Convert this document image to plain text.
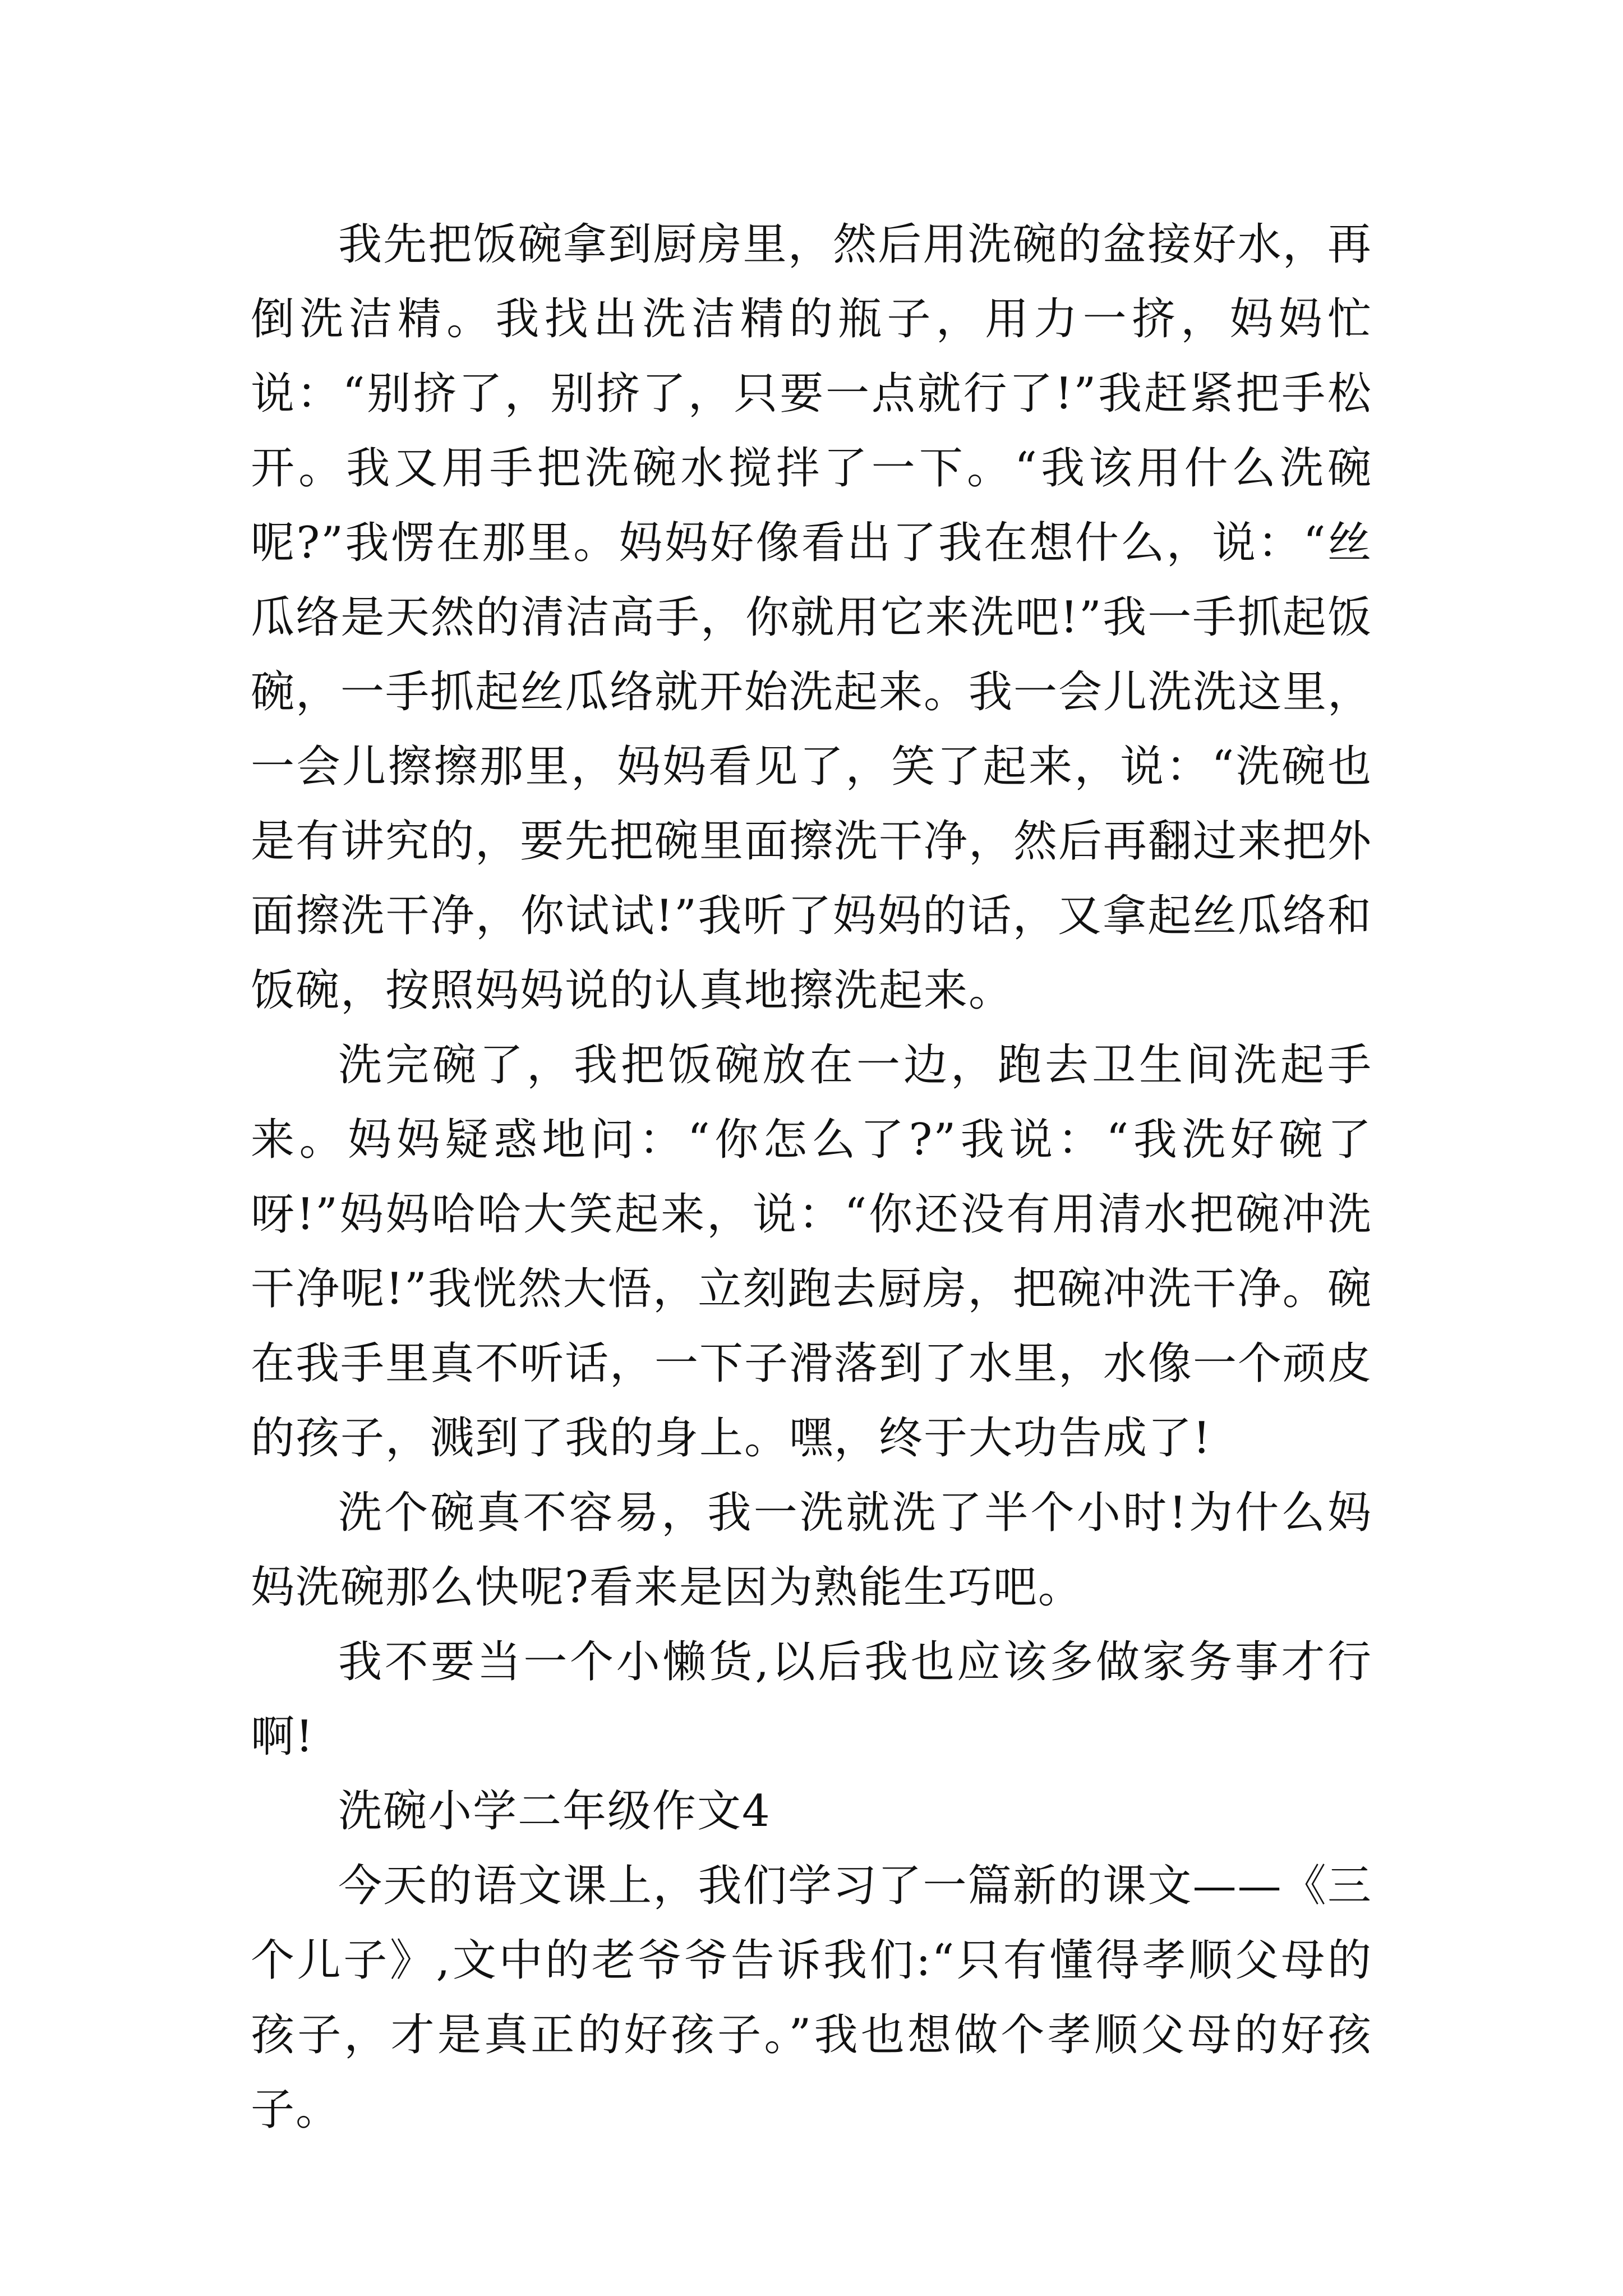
我先把饭碗拿到厨房里，然后用洗碗的盆接好水，再倒洗洁精。我找出洗洁精的瓶子，用力一挤，妈妈忙说：“别挤了，别挤了，只要一点就行了!”我赶紧把手松开。我又用手把洗碗水搅拌了一下。“我该用什么洗碗呢?”我愣在那里。妈妈好像看出了我在想什么，说：“丝瓜络是天然的清洁高手，你就用它来洗吧!”我一手抓起饭碗，一手抓起丝瓜络就开始洗起来。我一会儿洗洗这里，一会儿擦擦那里，妈妈看见了，笑了起来，说：“洗碗也是有讲究的，要先把碗里面擦洗干净，然后再翻过来把外面擦洗干净，你试试!”我听了妈妈的话，又拿起丝瓜络和饭碗，按照妈妈说的认真地擦洗起来。

洗完碗了，我把饭碗放在一边，跑去卫生间洗起手来。妈妈疑惑地问：“你怎么了?”我说：“我洗好碗了呀!”妈妈哈哈大笑起来，说：“你还没有用清水把碗冲洗干净呢!”我恍然大悟，立刻跑去厨房，把碗冲洗干净。碗在我手里真不听话，一下子滑落到了水里，水像一个顽皮的孩子，溅到了我的身上。嘿，终于大功告成了!

洗个碗真不容易，我一洗就洗了半个小时!为什么妈妈洗碗那么快呢?看来是因为熟能生巧吧。

我不要当一个小懒货,以后我也应该多做家务事才行啊!

洗碗小学二年级作文4

今天的语文课上，我们学习了一篇新的课文——《三个儿子》,文中的老爷爷告诉我们:“只有懂得孝顺父母的孩子，才是真正的好孩子。”我也想做个孝顺父母的好孩子。
